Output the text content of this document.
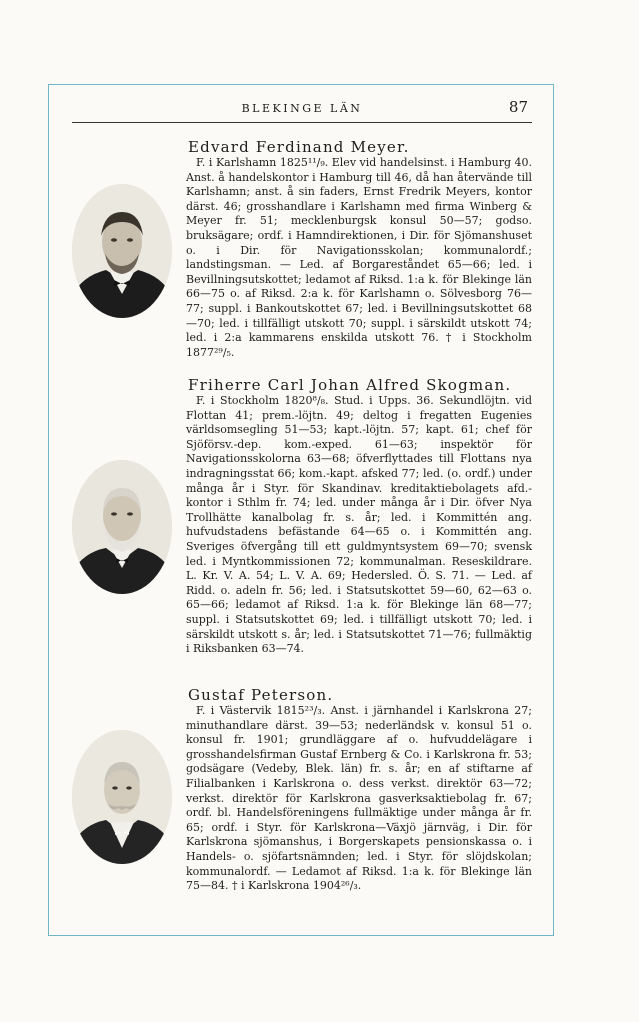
BLEKINGE LÄN	87
Edvard Ferdinand Meyer.

F. i Karlshamn 1825¹¹/₉. Elev vid handelsinst. i Hamburg 40. Anst. å handelskontor i Hamburg till 46, då han återvände till Karlshamn; anst. å sin faders, Ernst Fredrik Meyers, kontor därst. 46; grosshandlare i Karlshamn med firma Winberg & Meyer fr. 51; mecklenburgsk konsul 50—57; godsо. bruksägare; ordf. i Hamndirektionen, i Dir. för Sjömanshuset o. i Dir. för Navigationsskolan; kommunalordf.; landstingsman. — Led. af Borgareståndet 65—66; led. i Bevillningsutskottet; ledamot af Riksd. 1:a k. för Blekinge län 66—75 o. af Riksd. 2:a k. för Karlshamn o. Sölvesborg 76—77; suppl. i Bankoutskottet 67; led. i Bevillningsutskottet 68—70; led. i tillfälligt utskott 70; suppl. i särskildt utskott 74; led. i 2:a kammarens enskilda utskott 76. † i Stockholm 1877²⁹/₅.

Friherre Carl Johan Alfred Skogman.

F. i Stockholm 1820⁸/₈. Stud. i Upps. 36. Sekundlöjtn. vid Flottan 41; prem.-löjtn. 49; deltog i fregatten Eugenies världsomsegling 51—53; kapt.-löjtn. 57; kapt. 61; chef för Sjöförsv.-dep. kom.-exped. 61—63; inspektör för Navigationsskolorna 63—68; öfverflyttades till Flottans nya indragningsstat 66; kom.-kapt. afsked 77; led. (o. ordf.) under många år i Styr. för Skandinav. kreditaktiebolagets afd.-kontor i Sthlm fr. 74; led. under många år i Dir. öfver Nya Trollhätte kanalbolag fr. s. år; led. i Kommittén ang. hufvudstadens befästande 64—65 o. i Kommittén ang. Sveriges öfvergång till ett guldmyntsystem 69—70; svensk led. i Myntkommissionen 72; kommunalman. Reseskildrare. L. Kr. V. A. 54; L. V. A. 69; Hedersled. Ö. S. 71. — Led. af Ridd. o. adeln fr. 56; led. i Statsutskottet 59—60, 62—63 o. 65—66; ledamot af Riksd. 1:a k. för Blekinge län 68—77; suppl. i Statsutskottet 69; led. i tillfälligt utskott 70; led. i särskildt utskott s. år; led. i Statsutskottet 71—76; fullmäktig i Riksbanken 63—74.

Gustaf Peterson.

F. i Västervik 1815²³/₃. Anst. i järnhandel i Karlskrona 27; minuthandlare därst. 39—53; nederländsk v. konsul 51 o. konsul fr. 1901; grundläggare af o. hufvuddelägare i grosshandelsfirman Gustaf Ernberg & Co. i Karlskrona fr. 53; godsägare (Vedeby, Blek. län) fr. s. år; en af stiftarne af Filialbanken i Karlskrona o. dess verkst. direktör 63—72; verkst. direktör för Karlskrona gasverksaktiebolag fr. 67; ordf. bl. Handelsföreningens fullmäktige under många år fr. 65; ordf. i Styr. för Karlskrona—Växjö järnväg, i Dir. för Karlskrona sjömanshus, i Borgerskapets pensionskassa o. i Handels- o. sjöfartsnämnden; led. i Styr. för slöjdskolan; kommunalordf. — Ledamot af Riksd. 1:a k. för Blekinge län 75—84. † i Karlskrona 1904²⁶/₃.
